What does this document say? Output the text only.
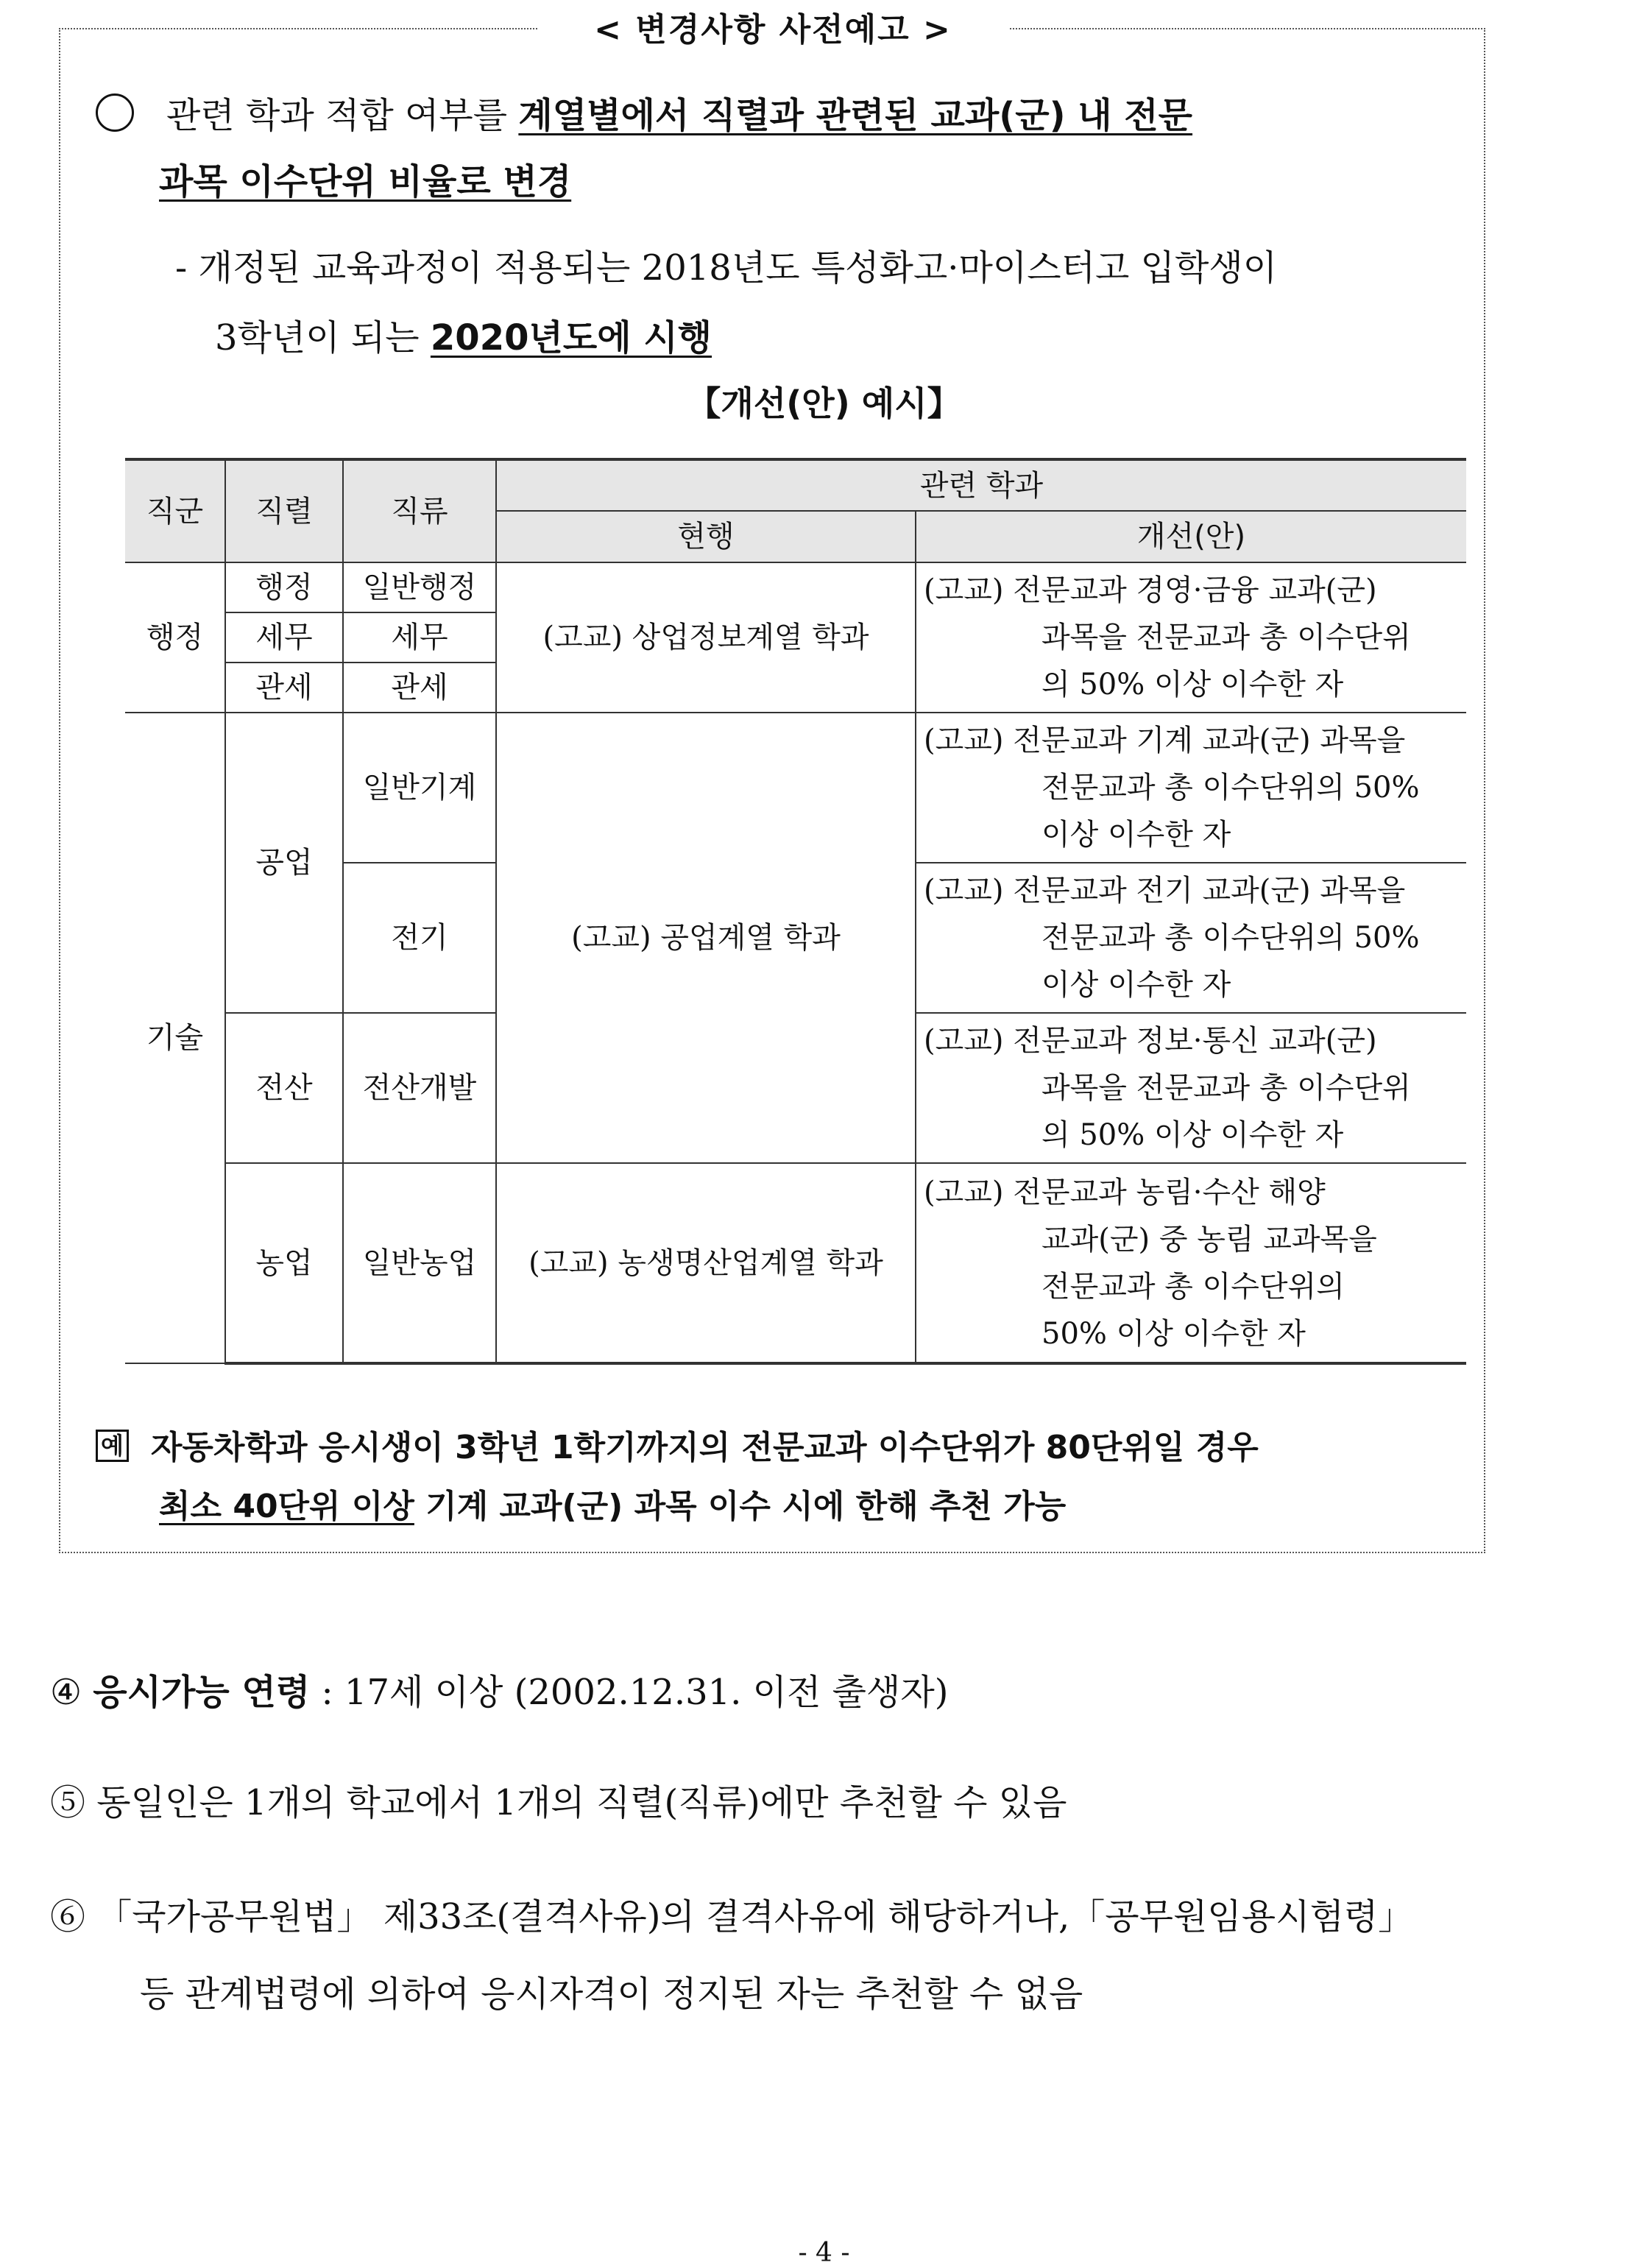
< 변경사항 사전예고 >
관련 학과 적합 여부를 계열별에서 직렬과 관련된 교과(군) 내 전문
과목 이수단위 비율로 변경
- 개정된 교육과정이 적용되는 2018년도 특성화고·마이스터고 입학생이
3학년이 되는 2020년도에 시행
【개선(안) 예시】
직군	직렬	직류	관련 학과	
			현행	개선(안)
행정	행정	일반행정	(고교) 상업정보계열 학과	(고교) 전문교과 경영·금융 교과(군)
과목을 전문교과 총 이수단위
의 50% 이상 이수한 자

	세무	세무		
	관세	관세		
기술	공업	일반기계	(고교) 공업계열 학과	(고교) 전문교과 기계 교과(군) 과목을
전문교과 총 이수단위의 50%
이상 이수한 자

		전기		(고교) 전문교과 전기 교과(군) 과목을
전문교과 총 이수단위의 50%
이상 이수한 자

	전산	전산개발		(고교) 전문교과 정보·통신 교과(군)
과목을 전문교과 총 이수단위
의 50% 이상 이수한 자

	농업	일반농업	(고교) 농생명산업계열 학과	(고교) 전문교과 농림·수산 해양
교과(군) 중 농림 교과목을
전문교과 총 이수단위의
50% 이상 이수한 자
예 자동차학과 응시생이 3학년 1학기까지의 전문교과 이수단위가 80단위일 경우
최소 40단위 이상 기계 교과(군) 과목 이수 시에 한해 추천 가능
④ 응시가능 연령 : 17세 이상 (2002.12.31. 이전 출생자)
⑤ 동일인은 1개의 학교에서 1개의 직렬(직류)에만 추천할 수 있음
⑥ 「국가공무원법」 제33조(결격사유)의 결격사유에 해당하거나,「공무원임용시험령」
등 관계법령에 의하여 응시자격이 정지된 자는 추천할 수 없음
- 4 -
